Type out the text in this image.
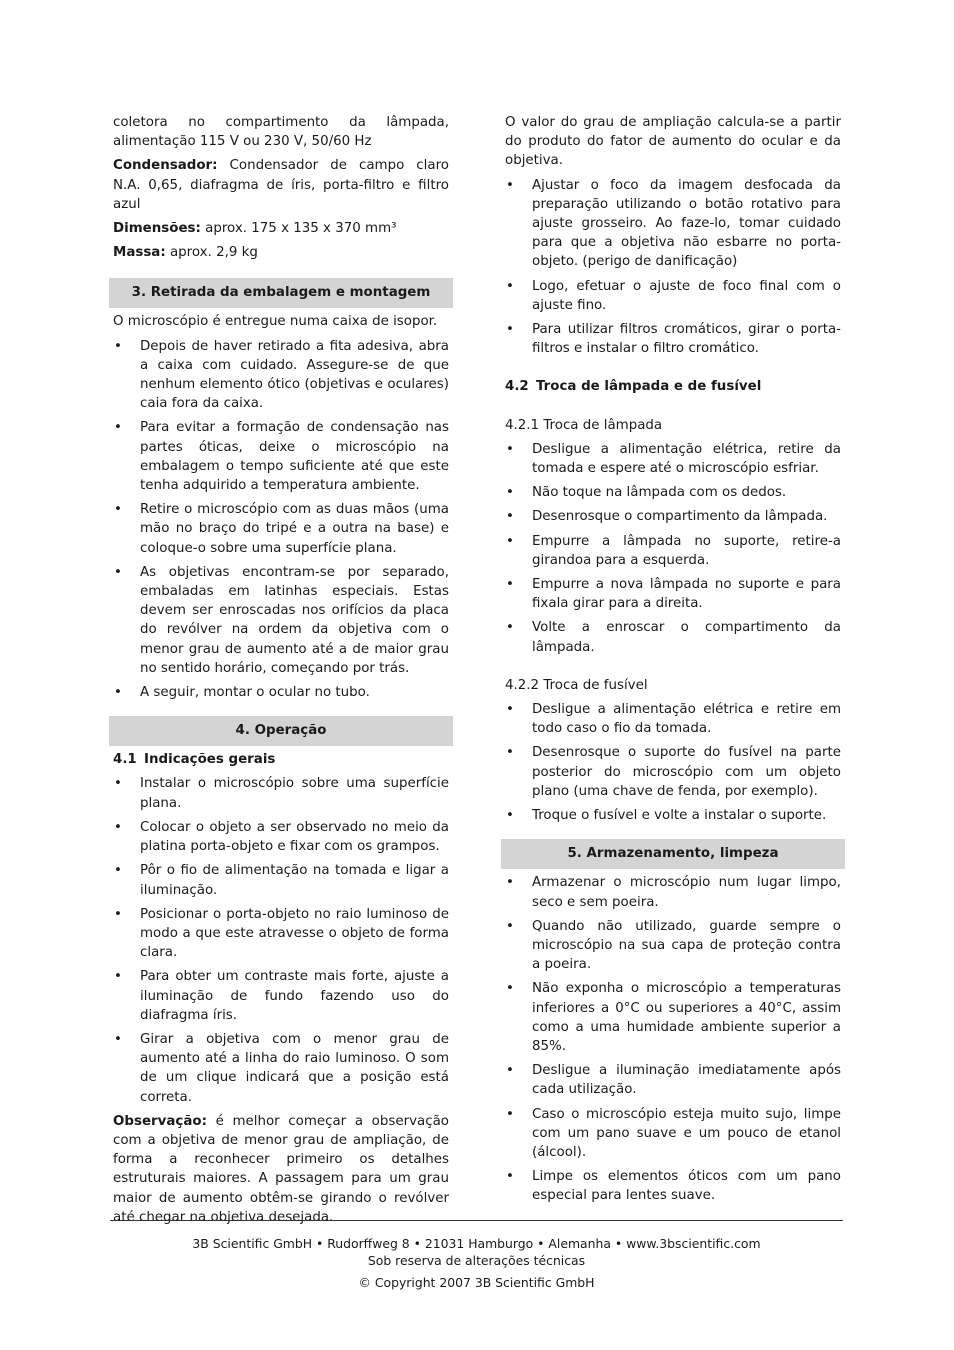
coletora no compartimento da lâmpada, alimentação 115 V ou 230 V, 50/60 Hz

Condensador: Condensador de campo claro N.A. 0,65, diafragma de íris, porta-filtro e filtro azul

Dimensões: aprox. 175 x 135 x 370 mm³

Massa: aprox. 2,9 kg

3. Retirada da embalagem e montagem

O microscópio é entregue numa caixa de isopor.

• Depois de haver retirado a fita adesiva, abra a caixa com cuidado. Assegure-se de que nenhum elemento ótico (objetivas e oculares) caia fora da caixa.
• Para evitar a formação de condensação nas partes óticas, deixe o microscópio na embalagem o tempo suficiente até que este tenha adquirido a temperatura ambiente.
• Retire o microscópio com as duas mãos (uma mão no braço do tripé e a outra na base) e coloque-o sobre uma superfície plana.
• As objetivas encontram-se por separado, embaladas em latinhas especiais. Estas devem ser enroscadas nos orifícios da placa do revólver na ordem da objetiva com o menor grau de aumento até a de maior grau no sentido horário, começando por trás.
• A seguir, montar o ocular no tubo.
4. Operação
4.1 Indicações gerais
• Instalar o microscópio sobre uma superfície plana.
• Colocar o objeto a ser observado no meio da platina porta-objeto e fixar com os grampos.
• Pôr o fio de alimentação na tomada e ligar a iluminação.
• Posicionar o porta-objeto no raio luminoso de modo a que este atravesse o objeto de forma clara.
• Para obter um contraste mais forte, ajuste a iluminação de fundo fazendo uso do diafragma íris.
• Girar a objetiva com o menor grau de aumento até a linha do raio luminoso. O som de um clique indicará que a posição está correta.

Observação: é melhor começar a observação com a objetiva de menor grau de ampliação, de forma a reconhecer primeiro os detalhes estruturais maiores. A passagem para um grau maior de aumento obtêm-se girando o revólver até chegar na objetiva desejada.

O valor do grau de ampliação calcula-se a partir do produto do fator de aumento do ocular e da objetiva.

• Ajustar o foco da imagem desfocada da preparação utilizando o botão rotativo para ajuste grosseiro. Ao faze-lo, tomar cuidado para que a objetiva não esbarre no porta-objeto. (perigo de danificação)
• Logo, efetuar o ajuste de foco final com o ajuste fino.
• Para utilizar filtros cromáticos, girar o porta-filtros e instalar o filtro cromático.
4.2 Troca de lâmpada e de fusível
4.2.1 Troca de lâmpada
• Desligue a alimentação elétrica, retire da tomada e espere até o microscópio esfriar.
• Não toque na lâmpada com os dedos.
• Desenrosque o compartimento da lâmpada.
• Empurre a lâmpada no suporte, retire-a girandoa para a esquerda.
• Empurre a nova lâmpada no suporte e para fixala girar para a direita.
• Volte a enroscar o compartimento da lâmpada.
4.2.2 Troca de fusível
• Desligue a alimentação elétrica e retire em todo caso o fio da tomada.
• Desenrosque o suporte do fusível na parte posterior do microscópio com um objeto plano (uma chave de fenda, por exemplo).
• Troque o fusível e volte a instalar o suporte.
5. Armazenamento, limpeza
• Armazenar o microscópio num lugar limpo, seco e sem poeira.
• Quando não utilizado, guarde sempre o microscópio na sua capa de proteção contra a poeira.
• Não exponha o microscópio a temperaturas inferiores a 0°C ou superiores a 40°C, assim como a uma humidade ambiente superior a 85%.
• Desligue a iluminação imediatamente após cada utilização.
• Caso o microscópio esteja muito sujo, limpe com um pano suave e um pouco de etanol (álcool).
• Limpe os elementos óticos com um pano especial para lentes suave.
3B Scientific GmbH • Rudorffweg 8 • 21031 Hamburgo • Alemanha • www.3bscientific.com
Sob reserva de alterações técnicas
© Copyright 2007 3B Scientific GmbH
